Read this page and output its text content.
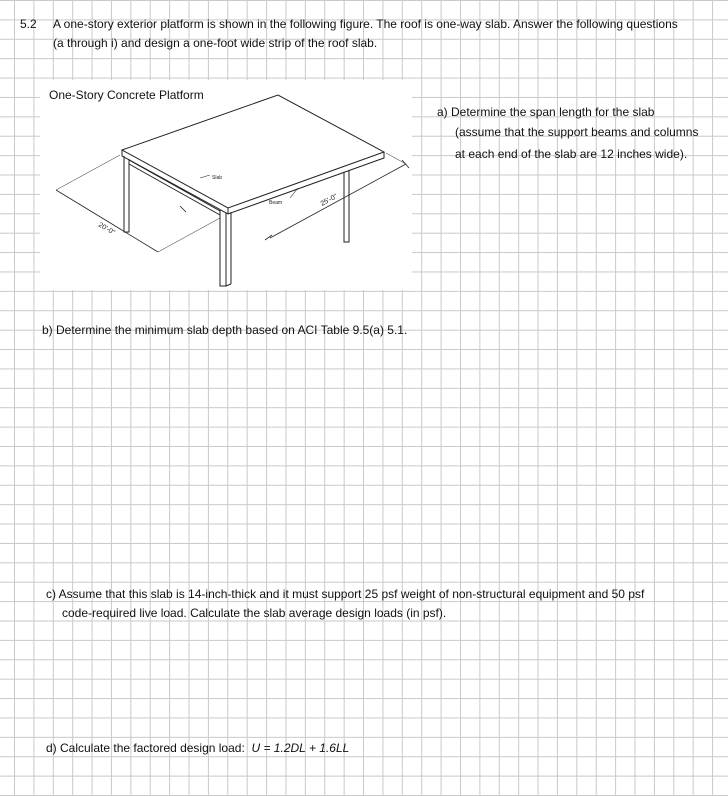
5.2 A one-story exterior platform is shown in the following figure. The roof is one-way slab. Answer the following questions
(a through i) and design a one-foot wide strip of the roof slab.
One-Story Concrete Platform
Slab
Beam
20'-0"
25'-0"
a) Determine the span length for the slab
(assume that the support beams and columns
at each end of the slab are 12 inches wide).
b) Determine the minimum slab depth based on ACI Table 9.5(a) 5.1.
c) Assume that this slab is 14-inch-thick and it must support 25 psf weight of non-structural equipment and 50 psf
code-required live load. Calculate the slab average design loads (in psf).
d) Calculate the factored design load: U = 1.2DL + 1.6LL
